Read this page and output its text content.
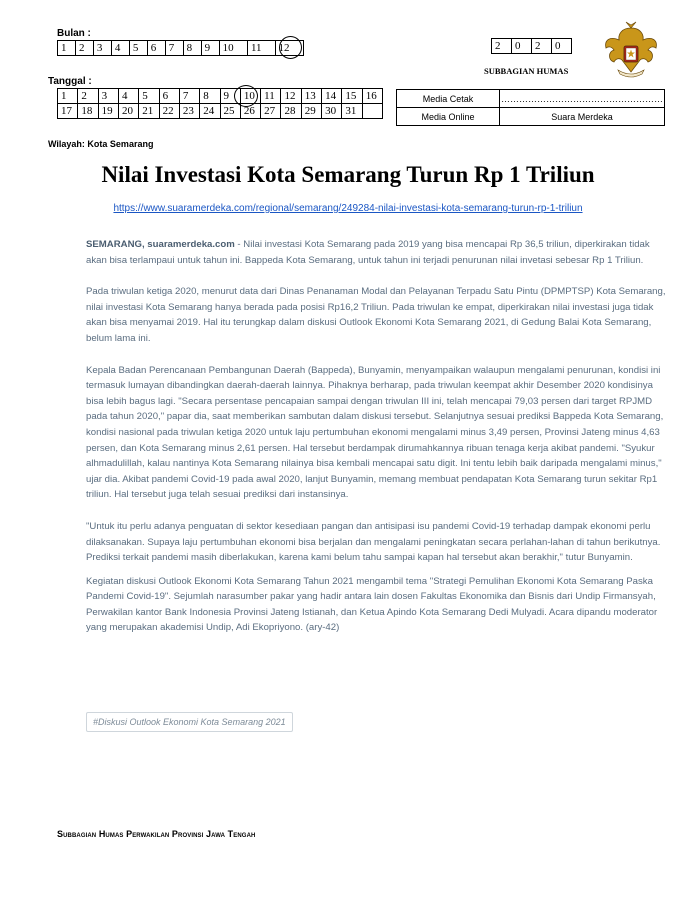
Bulan :
1	2	3	4	5	6	7	8	9	10	11	12	2	0	2	0
SUBBAGIAN HUMAS
Tanggal :
1	2	3	4	5	6	7	8	9	10	11	12	13	14	15	16
17	18	19	20	21	22	23	24	25	26	27	28	29	30	31	
Media Cetak	………………………………………………
Media Online	Suara Merdeka
Wilayah: Kota Semarang
Nilai Investasi Kota Semarang Turun Rp 1 Triliun
https://www.suaramerdeka.com/regional/semarang/249284-nilai-investasi-kota-semarang-turun-rp-1-triliun

SEMARANG, suaramerdeka.com - Nilai investasi Kota Semarang pada 2019 yang bisa mencapai Rp 36,5 triliun, diperkirakan tidak akan bisa terlampaui untuk tahun ini. Bappeda Kota Semarang, untuk tahun ini terjadi penurunan nilai invetasi sebesar Rp 1 Triliun.

Pada triwulan ketiga 2020, menurut data dari Dinas Penanaman Modal dan Pelayanan Terpadu Satu Pintu (DPMPTSP) Kota Semarang, nilai investasi Kota Semarang hanya berada pada posisi Rp16,2 Triliun. Pada triwulan ke empat, diperkirakan nilai investasi juga tidak akan bisa menyamai 2019. Hal itu terungkap dalam diskusi Outlook Ekonomi Kota Semarang 2021, di Gedung Balai Kota Semarang, belum lama ini.

Kepala Badan Perencanaan Pembangunan Daerah (Bappeda), Bunyamin, menyampaikan walaupun mengalami penurunan, kondisi ini termasuk lumayan dibandingkan daerah-daerah lainnya. Pihaknya berharap, pada triwulan keempat akhir Desember 2020 kondisinya bisa lebih bagus lagi. "Secara persentase pencapaian sampai dengan triwulan III ini, telah mencapai 79,03 persen dari target RPJMD pada tahun 2020," papar dia, saat memberikan sambutan dalam diskusi tersebut. Selanjutnya sesuai prediksi Bappeda Kota Semarang, kondisi nasional pada triwulan ketiga 2020 untuk laju pertumbuhan ekonomi mengalami minus 3,49 persen, Provinsi Jateng minus 4,63 persen, dan Kota Semarang minus 2,61 persen. Hal tersebut berdampak dirumahkannya ribuan tenaga kerja akibat pandemi. "Syukur alhmadulillah, kalau nantinya Kota Semarang nilainya bisa kembali mencapai satu digit. Ini tentu lebih baik daripada mengalami minus," ujar dia. Akibat pandemi Covid-19 pada awal 2020, lanjut Bunyamin, memang membuat pendapatan Kota Semarang turun sekitar Rp1 triliun. Hal tersebut juga telah sesuai prediksi dari instansinya.

"Untuk itu perlu adanya penguatan di sektor kesediaan pangan dan antisipasi isu pandemi Covid-19 terhadap dampak ekonomi perlu dilaksanakan. Supaya laju pertumbuhan ekonomi bisa berjalan dan mengalami peningkatan secara perlahan-lahan di tahun berikutnya. Prediksi terkait pandemi masih diberlakukan, karena kami belum tahu sampai kapan hal tersebut akan berakhir," tutur Bunyamin.

Kegiatan diskusi Outlook Ekonomi Kota Semarang Tahun 2021 mengambil tema "Strategi Pemulihan Ekonomi Kota Semarang Paska Pandemi Covid-19". Sejumlah narasumber pakar yang hadir antara lain dosen Fakultas Ekonomika dan Bisnis dari Undip Firmansyah, Perwakilan kantor Bank Indonesia Provinsi Jateng Istianah, dan Ketua Apindo Kota Semarang Dedi Mulyadi. Acara dipandu moderator yang merupakan akademisi Undip, Adi Ekopriyono. (ary-42)

#Diskusi Outlook Ekonomi Kota Semarang 2021
Subbagian Humas Perwakilan Provinsi Jawa Tengah
